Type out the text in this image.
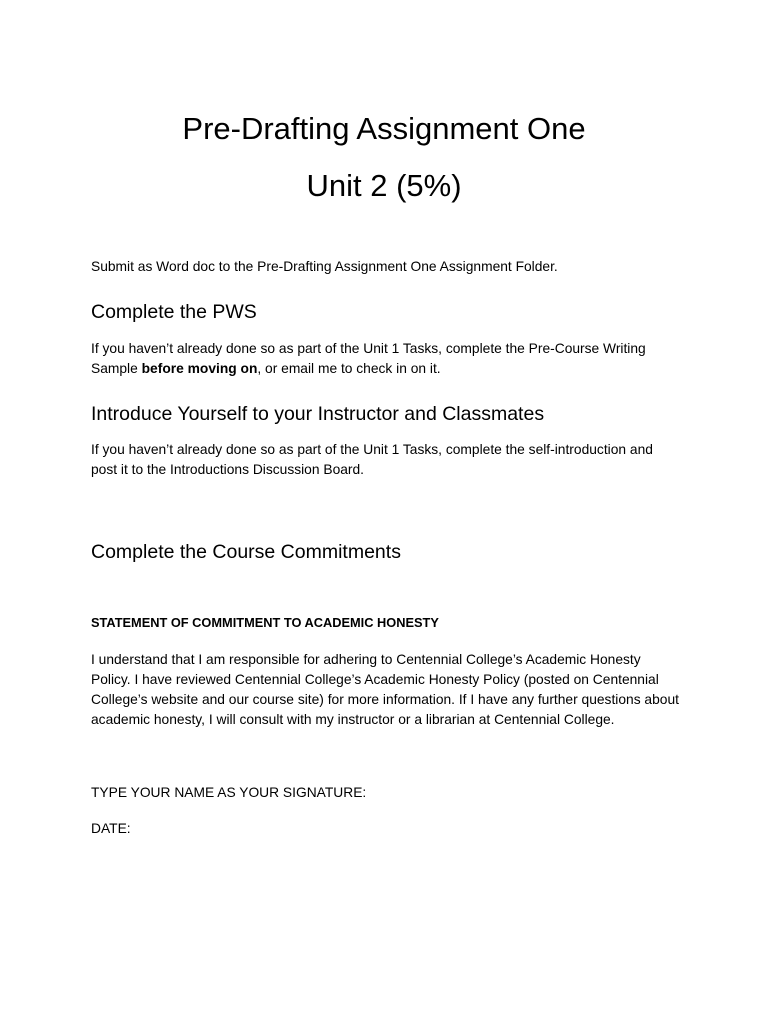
Pre-Drafting Assignment One
Unit 2 (5%)

Submit as Word doc to the Pre-Drafting Assignment One Assignment Folder.

Complete the PWS

If you haven’t already done so as part of the Unit 1 Tasks, complete the Pre-Course Writing Sample before moving on, or email me to check in on it.

Introduce Yourself to your Instructor and Classmates

If you haven’t already done so as part of the Unit 1 Tasks, complete the self-introduction and post it to the Introductions Discussion Board.

Complete the Course Commitments

STATEMENT OF COMMITMENT TO ACADEMIC HONESTY

I understand that I am responsible for adhering to Centennial College’s Academic Honesty Policy. I have reviewed Centennial College’s Academic Honesty Policy (posted on Centennial College’s website and our course site) for more information. If I have any further questions about academic honesty, I will consult with my instructor or a librarian at Centennial College.

TYPE YOUR NAME AS YOUR SIGNATURE:

DATE:
